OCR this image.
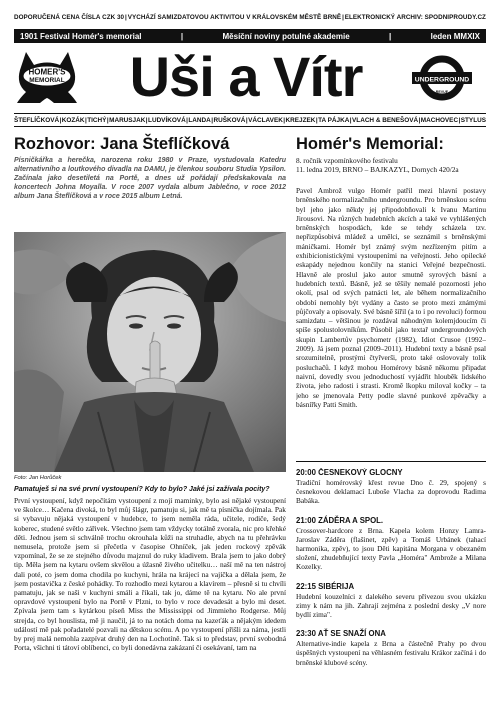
DOPORUČENÁ CENA ČÍSLA CZK 30 | VYCHÁZÍ SAMIZDATOVOU AKTIVITOU V KRÁLOVSKÉM MĚSTĚ BRNĚ | ELEKTRONICKÝ ARCHIV: SPODNIPROUDY.CZ
1901 Festival Homér's memorial	|	Měsíční noviny potulné akademie	|	leden MMXIX
HOMER'S
MEMORIAL	Uši a Vítr	UNDERGROUND
REVUE
ŠTEFLÍČKOVÁ | KOZÁK | TICHÝ | MARUSJAK | LUDVÍKOVÁ | LANDA | RUŠKOVÁ | VÁCLAVEK | KREJZEK | TA PÁJKA | VLACH & BENEŠOVÁ | MACHOVEC | STYLUS
Rozhovor: Jana Šteflíčková	Homér's Memorial:
Písničkářka a herečka, narozena roku 1980 v Praze, vystudovala Katedru alternativního a loutkového divadla na DAMU, je členkou souboru Studia Ypsilon. Začínala jako desetiletá na Portě, a dnes už pořádají předskakovala na koncertech Johna Moyalla. V roce 2007 vydala album Jablečno, v roce 2012 album Jana Šteflíčková a v roce 2015 album Letná.
Foto: Jan Horůček
Pamatuješ si na své první vystoupení? Kdy to bylo? Jaké jsi zažívala pocity?
První vystoupení, když nepočítám vystoupení z mojí maminky, bylo asi nějaké vystoupení ve školce… Kačena divoká, to byl můj šlágr, pamatuju si, jak mě ta písnička dojímala. Pak si vybavuju nějaká vystoupení v hudebce, to jsem neměla ráda, učitele, rodiče, šedý koberec, studené světlo zářivek. Všechno jsem tam vždycky totálně zvorala, nic pro křehké děti. Jednou jsem si schválně trochu okrouhala kůži na struhadle, abych na tu přehrávku nemusela, protože jsem si přečetla v časopise Ohníček, jak jeden rockový zpěvák vzpomínal, že se ze stejného důvodu majznul do ruky kladivem. Brala jsem to jako dobrý tip. Měla jsem na kytaru ovšem skvělou a úžasně živého učitelku… naší mě na ten nástroj dali poté, co jsem doma chodila po kuchyni, hrála na krájecí na vajíčka a dělala jsem, že jsem postavička z české pohádky. To rozhodlo mezi kytarou a klavírem – přesně si tu chvíli pamatuju, jak se naši v kuchyni smáli a říkali, tak jo, dáme tě na kytaru. No ale první opravdové vystoupení bylo na Portě v Plzni, to bylo v roce devadesát a bylo mi deset. Zpívala jsem tam s kytárkou píseň Miss the Mississippi od Jimmieho Rodgerse. Můj strejda, co byl houslista, mě ji naučil, já to na notách doma na kazeťák a nějakým idedem událostí mě pak pořadatelé pozvali na dětskou scénu. A po vystoupení přišli za náma, jestli by prej malá nemohla zazpívat druhý den na Lochotíně. Tak si to představ, první svobodná Porta, všichni ti tátoví oblíbenci, co byli donedávna zakázaní či osekávaní, tam na
8. ročník vzpomínkového festivalu
11. ledna 2019, BRNO – BAJKAZYL, Dornych 420/2a
Pavel Ambrož vulgo Homér patřil mezi hlavní postavy brněnského normalizačního undergroundu. Pro brněnskou scénu byl jeho jako někdy jej připodobňovali k Ivanu Martinu Jirousovi. Na různých hudebních akcích a také ve vyhlášených brněnských hospodách, kde se tehdy scházela tzv. nepřizpůsobivá mládež a umělci, se seznámil s brněnskými máničkami. Homér byl známý svým nezřízeným pitím a exhibicionistickými vystoupeními na veřejnosti. Jeho opilecké eskapády nejednou končily na stanici Veřejné bezpečnosti. Hlavně ale proslul jako autor smutně syrových básní a hudebních textů. Básně, jež se těšily nemalé pozornosti jeho okolí, psal od svých patnácti let, ale během normalizačního období nemohly být vydány a často se proto mezi známými půjčovaly a opisovaly. Své básně šířil (a to i po revoluci) formou samizdatu – většinou je rozdával náhodným kolemjdoucím či spíše spolustolovníkům. Působil jako textař undergroundových skupin Lambertův psychometr (1982), Idiot Crusoe (1992–2009). Já jsem poznal (2009–2011). Hudební texty a básně psal srozumitelně, prostými čtyřverši, proto také oslovovaly tolik posluchačů. I když mohou Homérovy básně někomu připadat naivní, dovedly svou jednoduchostí vyjádřit hlouběk lidského života, jeho radosti i strasti. Kromě lkopku miloval kočky – ta jeho se jmenovala Petty podle slavné punkové zpěvačky a básnířky Patti Smith.
20:00 ČESNEKOVÝ GLOCNY
Tradiční homérovský křest revue Dno č. 29, spojený s česnekovou deklamací Luboše Vlacha za doprovodu Radima Babáka.
21:00 ZÁDĚRA A SPOL.
Crossover-hardcore z Brna. Kapela kolem Honzy Lamra- Jaroslav Záděra (flašinet, zpěv) a Tomáš Urbánek (tahací harmonika, zpěv), to jsou Děti kapitána Morgana v obezaném složení, zhudebňující texty Pavla „Homéra" Ambrože a Milana Kozelky.
22:15 SIBÉRIJA
Hudební kouzelníci z dalekého severu přivezou svou ukázku zimy k nám na jih. Zahrají zejména z poslední desky „V nore bydlí zima".
23:30 AŤ SE SNAŽÍ ONA
Alternative-indie kapela z Brna a částečně Prahy po dvou úspěšných vystoupení na věhlasném festivalu Krákor začíná i do brněnské klubové scény.
